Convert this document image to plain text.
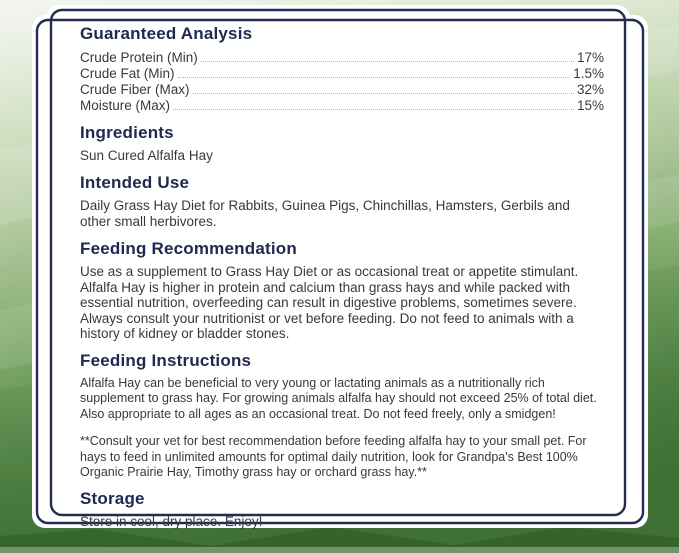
Guaranteed Analysis
Crude Protein (Min)	17%
Crude Fat (Min)	1.5%
Crude Fiber (Max)	32%
Moisture (Max)	15%
Ingredients

Sun Cured Alfalfa Hay

Intended Use

Daily Grass Hay Diet for Rabbits, Guinea Pigs, Chinchillas, Hamsters, Gerbils and other small herbivores.

Feeding Recommendation

Use as a supplement to Grass Hay Diet or as occasional treat or appetite stimulant. Alfalfa Hay is higher in protein and calcium than grass hays and while packed with essential nutrition, overfeeding can result in digestive problems, sometimes severe. Always consult your nutritionist or vet before feeding. Do not feed to animals with a history of kidney or bladder stones.

Feeding Instructions

Alfalfa Hay can be beneficial to very young or lactating animals as a nutritionally rich supplement to grass hay. For growing animals alfalfa hay should not exceed 25% of total diet. Also appropriate to all ages as an occasional treat. Do not feed freely, only a smidgen!

**Consult your vet for best recommendation before feeding alfalfa hay to your small pet. For hays to feed in unlimited amounts for optimal daily nutrition, look for Grandpa's Best 100% Organic Prairie Hay, Timothy grass hay or orchard grass hay.**

Storage

Store in cool, dry place. Enjoy!
